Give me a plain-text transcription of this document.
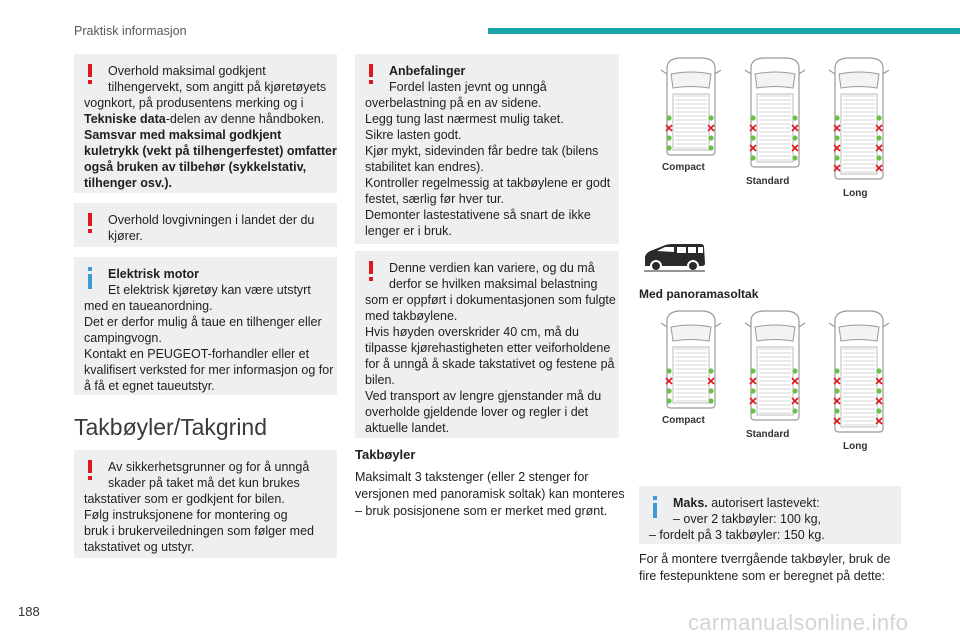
Praktisk informasjon
Overhold maksimal godkjent
tilhengervekt, som angitt på kjøretøyets
vognkort, på produsentens merking og i
Tekniske data-delen av denne håndboken.
Samsvar med maksimal godkjent
kuletrykk (vekt på tilhengerfestet) omfatter
også bruken av tilbehør (sykkelstativ,
tilhenger osv.).
Overhold lovgivningen i landet der du
kjører.
Elektrisk motor
Et elektrisk kjøretøy kan være utstyrt
med en taueanordning.
Det er derfor mulig å taue en tilhenger eller
campingvogn.
Kontakt en PEUGEOT-forhandler eller et
kvalifisert verksted for mer informasjon og for
å få et egnet taueutstyr.
Takbøyler/Takgrind
Av sikkerhetsgrunner og for å unngå
skader på taket må det kun brukes
takstativer som er godkjent for bilen.
Følg instruksjonene for montering og
bruk i brukerveiledningen som følger med
takstativet og utstyr.
Anbefalinger
Fordel lasten jevnt og unngå
overbelastning på en av sidene.
Legg tung last nærmest mulig taket.
Sikre lasten godt.
Kjør mykt, sidevinden får bedre tak (bilens
stabilitet kan endres).
Kontroller regelmessig at takbøylene er godt
festet, særlig før hver tur.
Demonter lastestativene så snart de ikke
lenger er i bruk.
Denne verdien kan variere, og du må
derfor se hvilken maksimal belastning
som er oppført i dokumentasjonen som fulgte
med takbøylene.
Hvis høyden overskrider 40 cm, må du
tilpasse kjørehastigheten etter veiforholdene
for å unngå å skade takstativet og festene på
bilen.
Ved transport av lengre gjenstander må du
overholde gjeldende lover og regler i det
aktuelle landet.
Takbøyler
Maksimalt 3 takstenger (eller 2 stenger for
versjonen med panoramisk soltak) kan monteres
– bruk posisjonene som er merket med grønt.
Compact
Standard
Long
Med panoramasoltak
Compact
Standard
Long
Maks. autorisert lastevekt:
– over 2 takbøyler: 100 kg,
– fordelt på 3 takbøyler: 150 kg.
For å montere tverrgående takbøyler, bruk de
fire festepunktene som er beregnet på dette:
188	carmanualsonline.info
